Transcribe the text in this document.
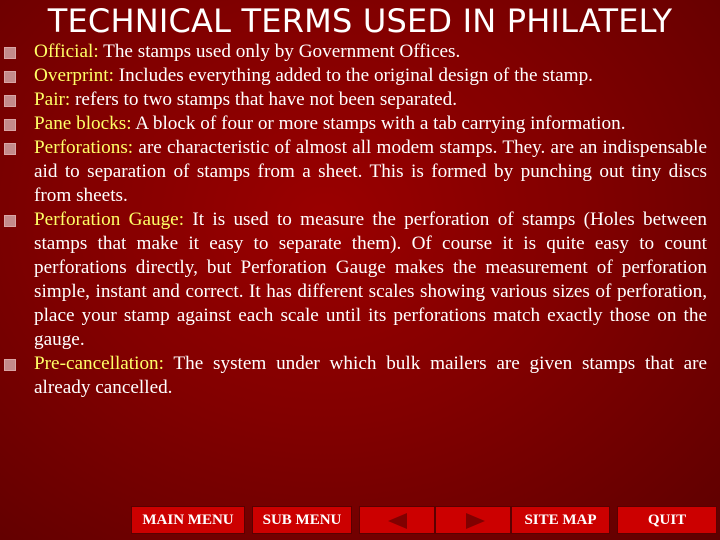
TECHNICAL TERMS USED IN PHILATELY
Official: The stamps used only by Government Offices.
Overprint: Includes everything added to the original design of the stamp.
Pair: refers to two stamps that have not been separated.
Pane blocks: A block of four or more stamps with a tab carrying information.
Perforations: are characteristic of almost all modem stamps. They. are an indispensable aid to separation of stamps from a sheet. This is formed by punching out tiny discs from sheets.
Perforation Gauge: It is used to measure the perforation of stamps (Holes between stamps that make it easy to separate them). Of course it is quite easy to count perforations directly, but Perforation Gauge makes the measurement of perforation simple, instant and correct. It has different scales showing various sizes of perforation, place your stamp against each scale until its perforations match exactly those on the gauge.
Pre-cancellation: The system under which bulk mailers are given stamps that are already cancelled.
MAIN MENU	SUB MENU	SITE MAP	QUIT
